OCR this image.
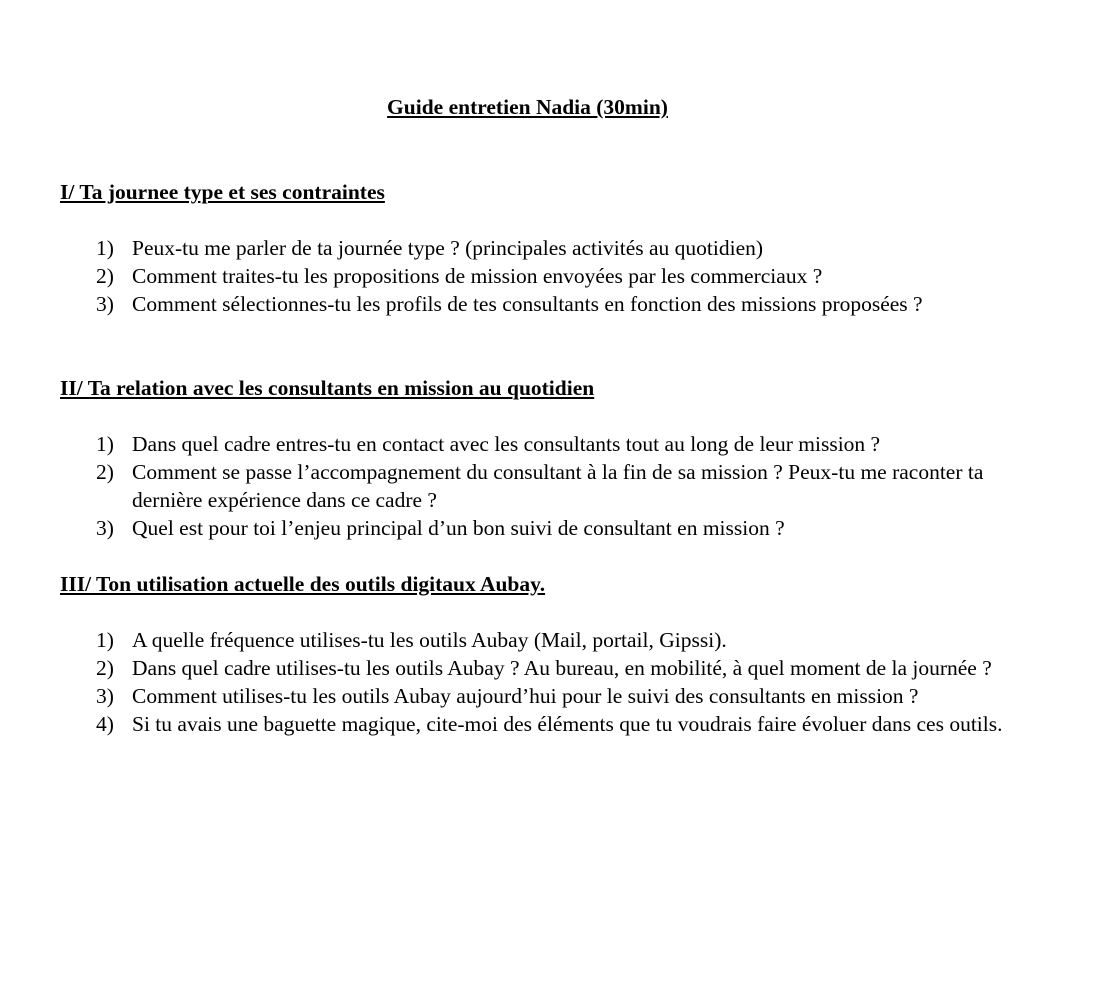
Guide entretien Nadia (30min)
I/ Ta journee type et ses contraintes
1) Peux-tu me parler de ta journée type ? (principales activités au quotidien)
2) Comment traites-tu les propositions de mission envoyées par les commerciaux ?
3) Comment sélectionnes-tu les profils de tes consultants en fonction des missions proposées ?
II/ Ta relation avec les consultants en mission au quotidien
1) Dans quel cadre entres-tu en contact avec les consultants tout au long de leur mission ?
2) Comment se passe l’accompagnement du consultant à la fin de sa mission ? Peux-tu me raconter ta dernière expérience dans ce cadre ?
3) Quel est pour toi l’enjeu principal d’un bon suivi de consultant en mission ?
III/ Ton utilisation actuelle des outils digitaux Aubay.
1) A quelle fréquence utilises-tu les outils Aubay (Mail, portail, Gipssi).
2) Dans quel cadre utilises-tu les outils Aubay ? Au bureau, en mobilité, à quel moment de la journée ?
3) Comment utilises-tu les outils Aubay aujourd’hui pour le suivi des consultants en mission ?
4) Si tu avais une baguette magique, cite-moi des éléments que tu voudrais faire évoluer dans ces outils.
